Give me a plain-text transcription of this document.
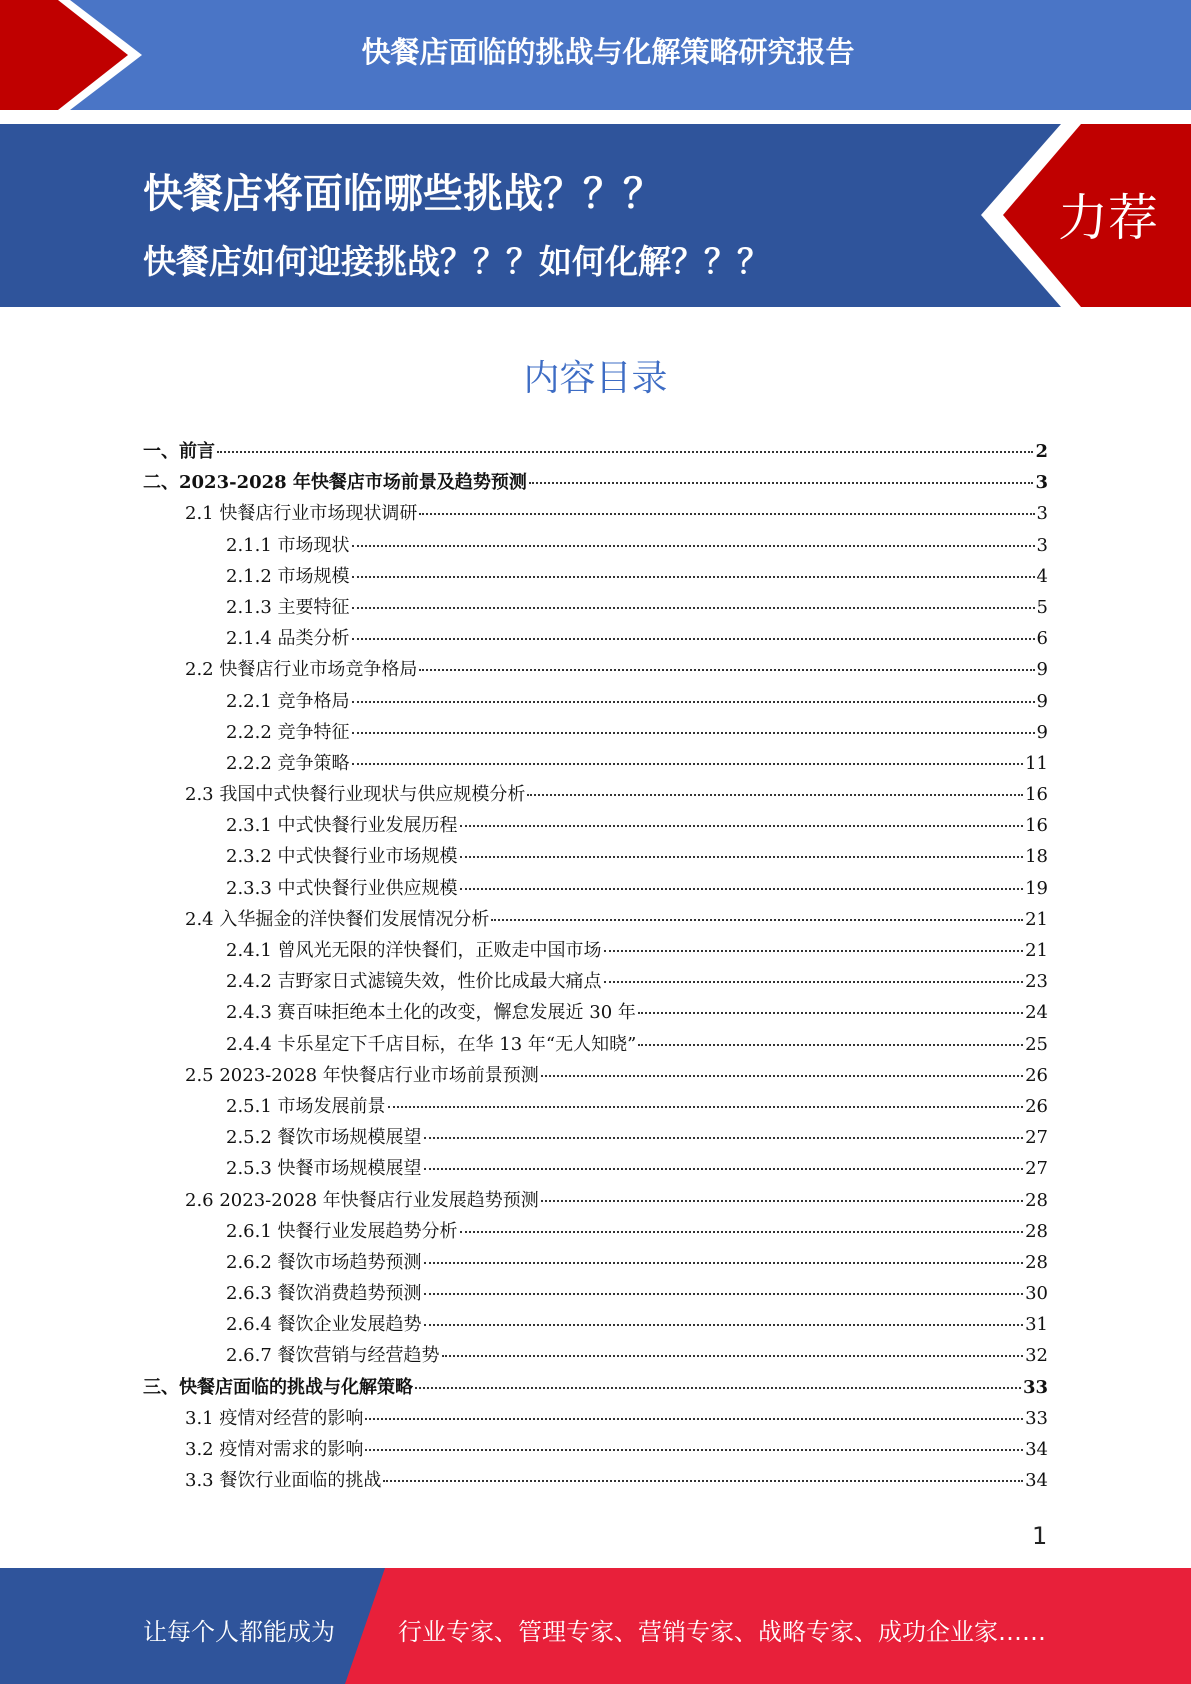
快餐店面临的挑战与化解策略研究报告
快餐店将面临哪些挑战？？？
快餐店如何迎接挑战？？？如何化解？？？
力荐
内容目录
一、前言	2
二、2023-2028 年快餐店市场前景及趋势预测	3
2.1 快餐店行业市场现状调研	3
2.1.1 市场现状	3
2.1.2 市场规模	4
2.1.3 主要特征	5
2.1.4 品类分析	6
2.2 快餐店行业市场竞争格局	9
2.2.1 竞争格局	9
2.2.2 竞争特征	9
2.2.2 竞争策略	11
2.3 我国中式快餐行业现状与供应规模分析	16
2.3.1 中式快餐行业发展历程	16
2.3.2 中式快餐行业市场规模	18
2.3.3 中式快餐行业供应规模	19
2.4 入华掘金的洋快餐们发展情况分析	21
2.4.1 曾风光无限的洋快餐们，正败走中国市场	21
2.4.2 吉野家日式滤镜失效，性价比成最大痛点	23
2.4.3 赛百味拒绝本土化的改变，懈怠发展近 30 年	24
2.4.4 卡乐星定下千店目标，在华 13 年“无人知晓”	25
2.5 2023-2028 年快餐店行业市场前景预测	26
2.5.1 市场发展前景	26
2.5.2 餐饮市场规模展望	27
2.5.3 快餐市场规模展望	27
2.6 2023-2028 年快餐店行业发展趋势预测	28
2.6.1 快餐行业发展趋势分析	28
2.6.2 餐饮市场趋势预测	28
2.6.3 餐饮消费趋势预测	30
2.6.4 餐饮企业发展趋势	31
2.6.7 餐饮营销与经营趋势	32
三、快餐店面临的挑战与化解策略	33
3.1 疫情对经营的影响	33
3.2 疫情对需求的影响	34
3.3 餐饮行业面临的挑战	34
1
让每个人都能成为	行业专家、管理专家、营销专家、战略专家、成功企业家……
